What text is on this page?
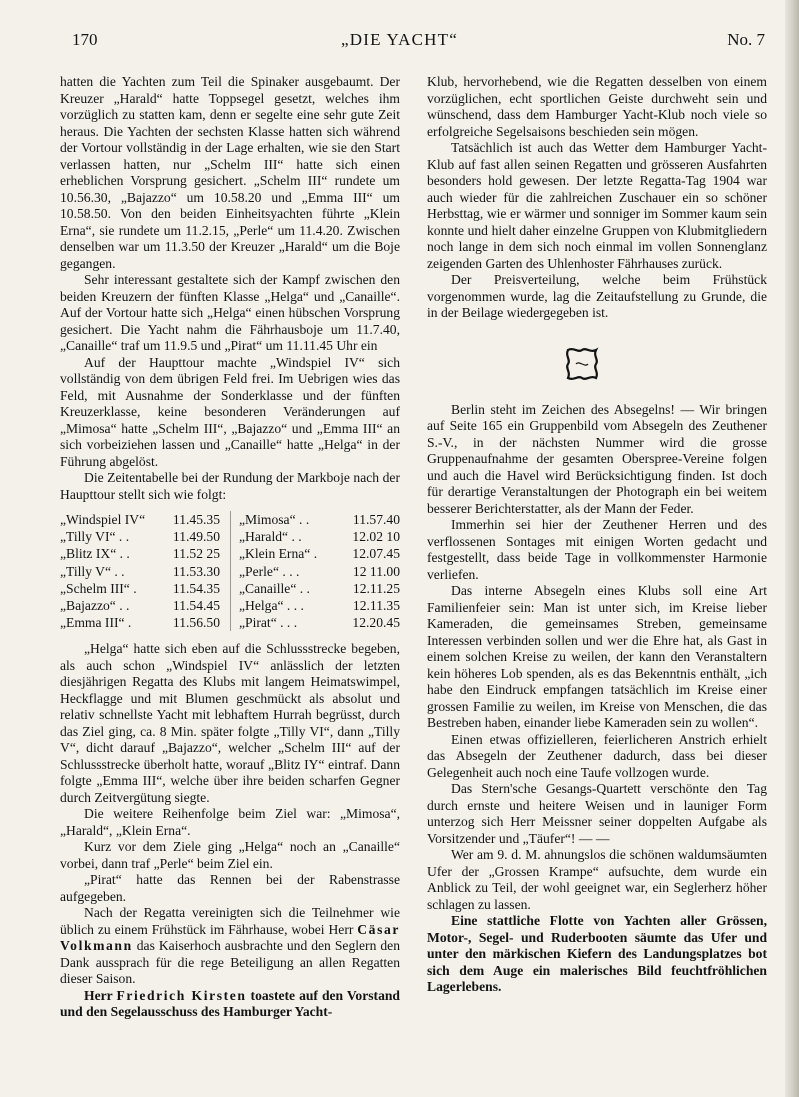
170	„DIE YACHT“	No. 7

hatten die Yachten zum Teil die Spinaker ausgebaumt. Der Kreuzer „Harald“ hatte Toppsegel gesetzt, welches ihm vorzüglich zu statten kam, denn er segelte eine sehr gute Zeit heraus. Die Yachten der sechsten Klasse hatten sich während der Vortour vollständig in der Lage erhalten, wie sie den Start verlassen hatten, nur „Schelm III“ hatte sich einen erheblichen Vorsprung gesichert. „Schelm III“ rundete um 10.56.30, „Bajazzo“ um 10.58.20 und „Emma III“ um 10.58.50. Von den beiden Einheitsyachten führte „Klein Erna“, sie rundete um 11.2.15, „Perle“ um 11.4.20. Zwischen denselben war um 11.3.50 der Kreuzer „Harald“ um die Boje gegangen.

Sehr interessant gestaltete sich der Kampf zwischen den beiden Kreuzern der fünften Klasse „Helga“ und „Canaille“. Auf der Vortour hatte sich „Helga“ einen hübschen Vorsprung gesichert. Die Yacht nahm die Fährhausboje um 11.7.40, „Canaille“ traf um 11.9.5 und „Pirat“ um 11.11.45 Uhr ein

Auf der Haupttour machte „Windspiel IV“ sich vollständig von dem übrigen Feld frei. Im Uebrigen wies das Feld, mit Ausnahme der Sonderklasse und der fünften Kreuzerklasse, keine besonderen Veränderungen auf „Mimosa“ hatte „Schelm III“, „Bajazzo“ und „Emma III“ an sich vorbeiziehen lassen und „Canaille“ hatte „Helga“ in der Führung abgelöst.

Die Zeitentabelle bei der Rundung der Markboje nach der Haupttour stellt sich wie folgt:

„Windspiel IV“	11.45.35	„Mimosa“ . .	11.57.40
„Tilly VI“ . .	11.49.50	„Harald“ . .	12.02 10
„Blitz IX“ . .	11.52 25	„Klein Erna“ .	12.07.45
„Tilly V“ . .	11.53.30	„Perle“ . . .	12 11.00
„Schelm III“ .	11.54.35	„Canaille“ . .	12.11.25
„Bajazzo“ . .	11.54.45	„Helga“ . . .	12.11.35
„Emma III“ .	11.56.50	„Pirat“ . . .	12.20.45

„Helga“ hatte sich eben auf die Schlussstrecke begeben, als auch schon „Windspiel IV“ anlässlich der letzten diesjährigen Regatta des Klubs mit langem Heimatswimpel, Heckflagge und mit Blumen geschmückt als absolut und relativ schnellste Yacht mit lebhaftem Hurrah begrüsst, durch das Ziel ging, ca. 8 Min. später folgte „Tilly VI“, dann „Tilly V“, dicht darauf „Bajazzo“, welcher „Schelm III“ auf der Schlussstrecke überholt hatte, worauf „Blitz IY“ eintraf. Dann folgte „Emma III“, welche über ihre beiden scharfen Gegner durch Zeitvergütung siegte.

Die weitere Reihenfolge beim Ziel war: „Mimosa“, „Harald“, „Klein Erna“.

Kurz vor dem Ziele ging „Helga“ noch an „Canaille“ vorbei, dann traf „Perle“ beim Ziel ein.

„Pirat“ hatte das Rennen bei der Rabenstrasse aufgegeben.

Nach der Regatta vereinigten sich die Teilnehmer wie üblich zu einem Frühstück im Fährhause, wobei Herr Cäsar Volkmann das Kaiserhoch ausbrachte und den Seglern den Dank aussprach für die rege Beteiligung an allen Regatten dieser Saison.

Herr Friedrich Kirsten toastete auf den Vorstand und den Segelausschuss des Hamburger Yacht-

Klub, hervorhebend, wie die Regatten desselben von einem vorzüglichen, echt sportlichen Geiste durchweht sein und wünschend, dass dem Hamburger Yacht-Klub noch viele so erfolgreiche Segelsaisons beschieden sein mögen.

Tatsächlich ist auch das Wetter dem Hamburger Yacht-Klub auf fast allen seinen Regatten und grösseren Ausfahrten besonders hold gewesen. Der letzte Regatta-Tag 1904 war auch wieder für die zahlreichen Zuschauer ein so schöner Herbsttag, wie er wärmer und sonniger im Sommer kaum sein konnte und hielt daher einzelne Gruppen von Klubmitgliedern noch lange in dem sich noch einmal im vollen Sonnenglanz zeigenden Garten des Uhlenhoster Fährhauses zurück.

Der Preisverteilung, welche beim Frühstück vorgenommen wurde, lag die Zeitaufstellung zu Grunde, die in der Beilage wiedergegeben ist.

Berlin steht im Zeichen des Absegelns! — Wir bringen auf Seite 165 ein Gruppenbild vom Absegeln des Zeuthener S.-V., in der nächsten Nummer wird die grosse Gruppenaufnahme der gesamten Oberspree-Vereine folgen und auch die Havel wird Berücksichtigung finden. Ist doch für derartige Veranstaltungen der Photograph ein bei weitem besserer Berichterstatter, als der Mann der Feder.

Immerhin sei hier der Zeuthener Herren und des verflossenen Sontages mit einigen Worten gedacht und festgestellt, dass beide Tage in vollkommenster Harmonie verliefen.

Das interne Absegeln eines Klubs soll eine Art Familienfeier sein: Man ist unter sich, im Kreise lieber Kameraden, die gemeinsames Streben, gemeinsame Interessen verbinden sollen und wer die Ehre hat, als Gast in einem solchen Kreise zu weilen, der kann den Veranstaltern kein höheres Lob spenden, als es das Bekenntnis enthält, „ich habe den Eindruck empfangen tatsächlich im Kreise einer grossen Familie zu weilen, im Kreise von Menschen, die das Bestreben haben, einander liebe Kameraden sein zu wollen“.

Einen etwas offizielleren, feierlicheren Anstrich erhielt das Absegeln der Zeuthener dadurch, dass bei dieser Gelegenheit auch noch eine Taufe vollzogen wurde.

Das Stern'sche Gesangs-Quartett verschönte den Tag durch ernste und heitere Weisen und in launiger Form unterzog sich Herr Meissner seiner doppelten Aufgabe als Vorsitzender und „Täufer“! — —

Wer am 9. d. M. ahnungslos die schönen waldumsäumten Ufer der „Grossen Krampe“ aufsuchte, dem wurde ein Anblick zu Teil, der wohl geeignet war, ein Seglerherz höher schlagen zu lassen.

Eine stattliche Flotte von Yachten aller Grössen, Motor-, Segel- und Ruderbooten säumte das Ufer und unter den märkischen Kiefern des Landungsplatzes bot sich dem Auge ein malerisches Bild feuchtfröhlichen Lagerlebens.
